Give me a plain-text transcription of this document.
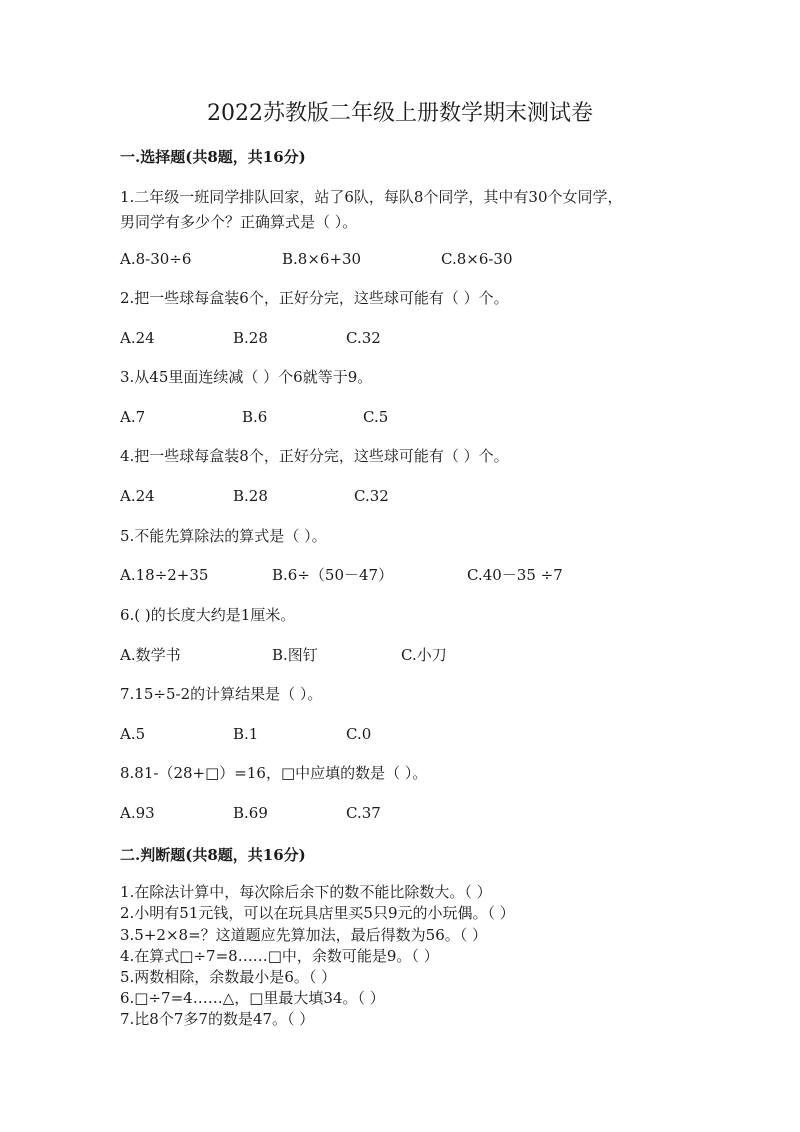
2022苏教版二年级上册数学期末测试卷
一.选择题(共8题，共16分)
1.二年级一班同学排队回家，站了6队，每队8个同学，其中有30个女同学，
男同学有多少个？正确算式是（ ）。
A.8-30÷6	B.8×6+30	C.8×6-30
2.把一些球每盒装6个，正好分完，这些球可能有（ ）个。
A.24	B.28	C.32
3.从45里面连续减（ ）个6就等于9。
A.7	B.6	C.5
4.把一些球每盒装8个，正好分完，这些球可能有（ ）个。
A.24	B.28	C.32
5.不能先算除法的算式是（ ）。
A.18÷2+35	B.6÷（50－47）	C.40－35 ÷7
6.( )的长度大约是1厘米。
A.数学书	B.图钉	C.小刀
7.15÷5-2的计算结果是（ ）。
A.5	B.1	C.0
8.81-（28+□）=16，□中应填的数是（ ）。
A.93	B.69	C.37
二.判断题(共8题，共16分)
1.在除法计算中，每次除后余下的数不能比除数大。（ ）
2.小明有51元钱，可以在玩具店里买5只9元的小玩偶。（ ）
3.5+2×8=？这道题应先算加法，最后得数为56。（ ）
4.在算式□÷7=8……□中，余数可能是9。（ ）
5.两数相除，余数最小是6。（ ）
6.□÷7=4……△，□里最大填34。（ ）
7.比8个7多7的数是47。（ ）
